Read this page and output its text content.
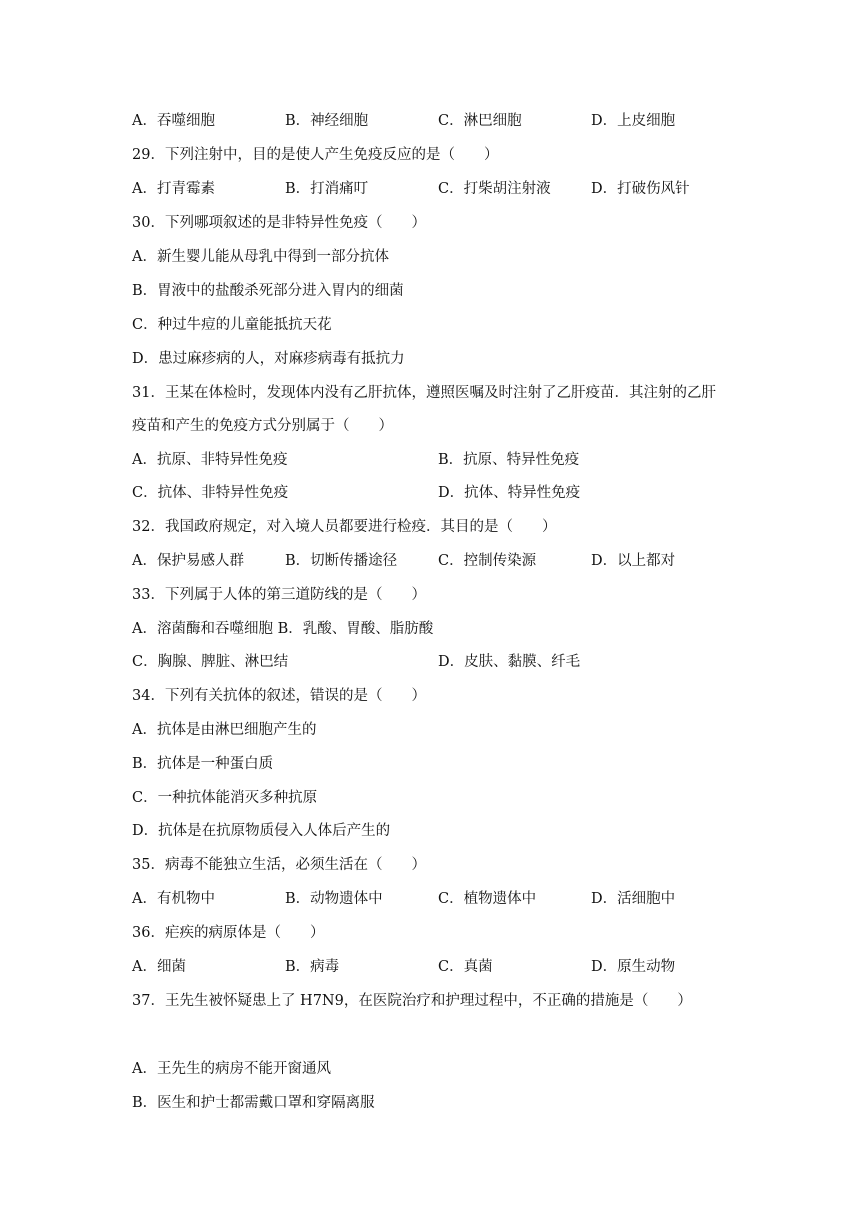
A．吞噬细胞	B．神经细胞	C．淋巴细胞	D．上皮细胞
29．下列注射中，目的是使人产生免疫反应的是（　　）
A．打青霉素	B．打消痛叮	C．打柴胡注射液	D．打破伤风针
30．下列哪项叙述的是非特异性免疫（　　）
A．新生婴儿能从母乳中得到一部分抗体
B．胃液中的盐酸杀死部分进入胃内的细菌
C．种过牛痘的儿童能抵抗天花
D．患过麻疹病的人，对麻疹病毒有抵抗力
31．王某在体检时，发现体内没有乙肝抗体，遵照医嘱及时注射了乙肝疫苗．其注射的乙肝
疫苗和产生的免疫方式分别属于（　　）
A．抗原、非特异性免疫	B．抗原、特异性免疫
C．抗体、非特异性免疫	D．抗体、特异性免疫
32．我国政府规定，对入境人员都要进行检疫．其目的是（　　）
A．保护易感人群	B．切断传播途径	C．控制传染源	D．以上都对
33．下列属于人体的第三道防线的是（　　）
A．溶菌酶和吞噬细胞 B．乳酸、胃酸、脂肪酸
C．胸腺、脾脏、淋巴结	D．皮肤、黏膜、纤毛
34．下列有关抗体的叙述，错误的是（　　）
A．抗体是由淋巴细胞产生的
B．抗体是一种蛋白质
C．一种抗体能消灭多种抗原
D．抗体是在抗原物质侵入人体后产生的
35．病毒不能独立生活，必须生活在（　　）
A．有机物中	B．动物遗体中	C．植物遗体中	D．活细胞中
36．疟疾的病原体是（　　）
A．细菌	B．病毒	C．真菌	D．原生动物
37．王先生被怀疑患上了 H7N9，在医院治疗和护理过程中，不正确的措施是（　　）
A．王先生的病房不能开窗通风
B．医生和护士都需戴口罩和穿隔离服
